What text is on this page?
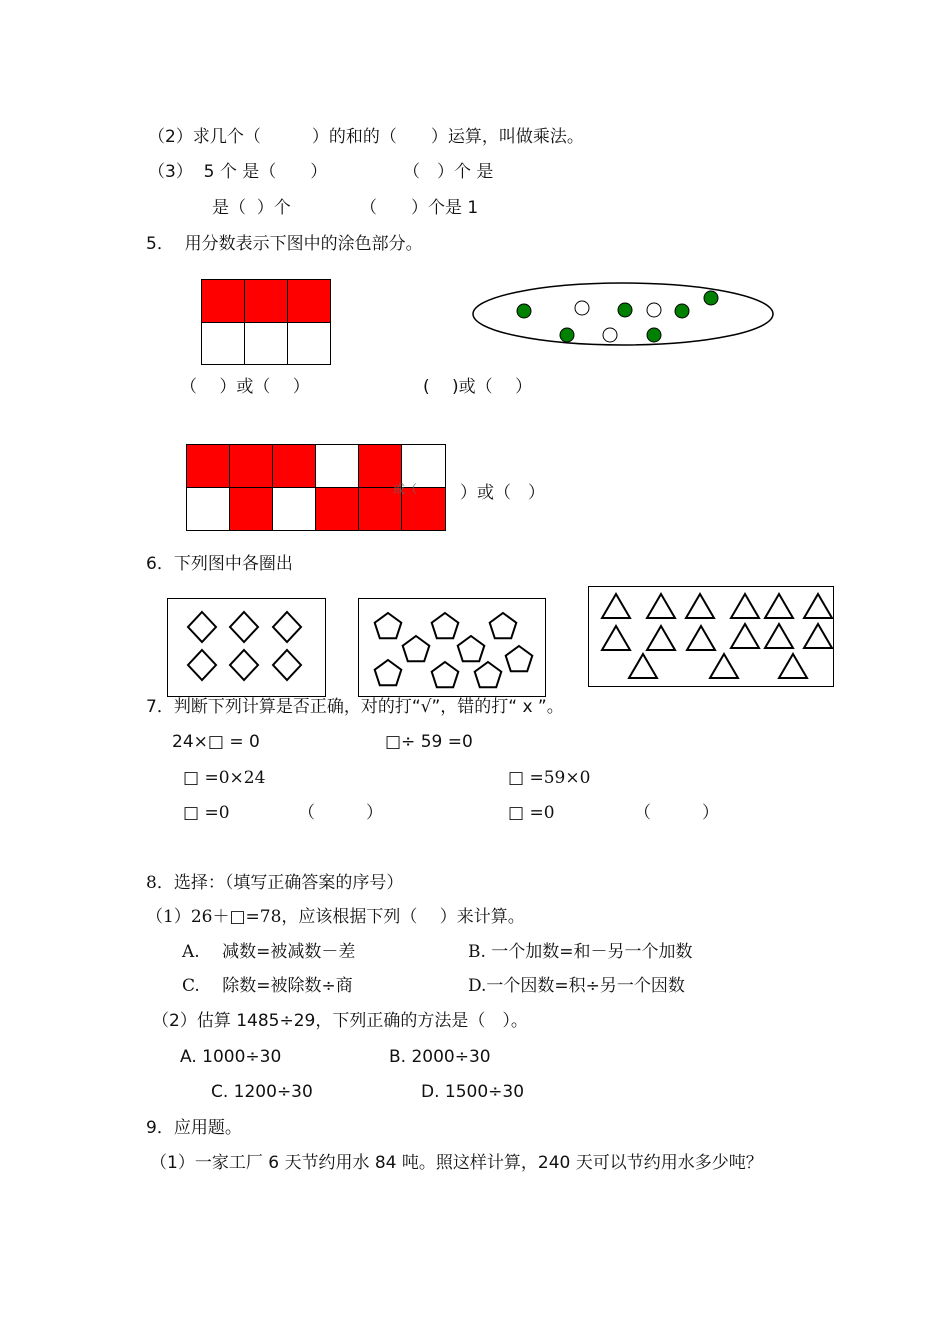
（2）求几个（　　　）的和的（　　）运算，叫做乘法。
（3）  5 个 是（　　）	（　）个 是
是（  ）个	（　　）个是 1
5．  用分数表示下图中的涂色部分。
（　 ）或（　 ）	(　 )或（　 ）
或（	）或（　）
6．下列图中各圈出
7．判断下列计算是否正确，对的打“√”，错的打“ x ”。
24×□ = 0	□÷ 59 =0
□ =0×24	□ =59×0
□ =0	（　　　）	□ =0	（　　　）
8．选择：（填写正确答案的序号）
（1）26＋□=78，应该根据下列（　 ）来计算。
A.　 减数=被减数－差	B. 一个加数=和－另一个加数
C.　 除数=被除数÷商	D.一个因数=积÷另一个因数
（2）估算 1485÷29，下列正确的方法是（　）。
A. 1000÷30	B. 2000÷30
C. 1200÷30	D. 1500÷30
9．应用题。
（1）一家工厂 6 天节约用水 84 吨。照这样计算，240 天可以节约用水多少吨？
